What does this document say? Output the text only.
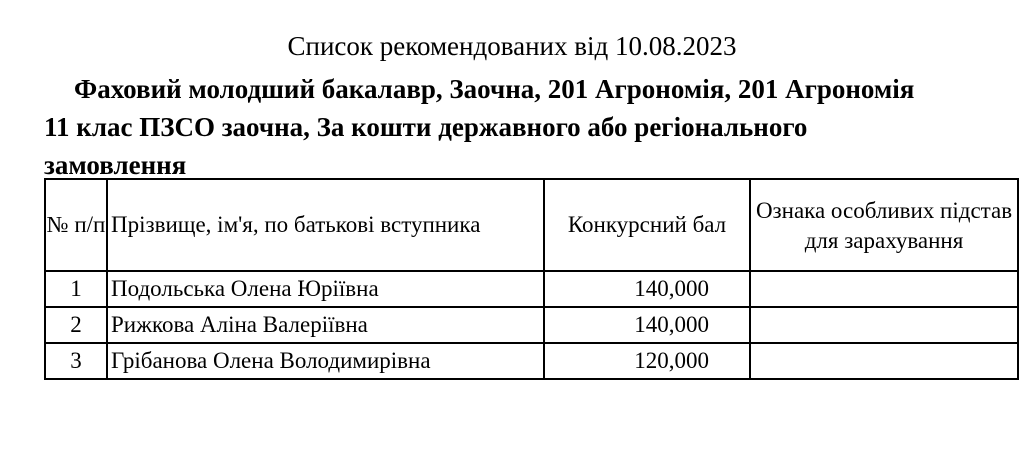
Список рекомендованих від 10.08.2023

Фаховий молодший бакалавр, Заочна, 201 Агрономія, 201 Агрономія 11 клас ПЗСО заочна, За кошти державного або регіонального замовлення

№ п/п	Прізвище, ім'я, по батькові вступника	Конкурсний бал	Ознака особливих підстав для зарахування
1	Подольська Олена Юріївна	140,000	
2	Рижкова Аліна Валеріївна	140,000	
3	Грібанова Олена Володимирівна	120,000	
